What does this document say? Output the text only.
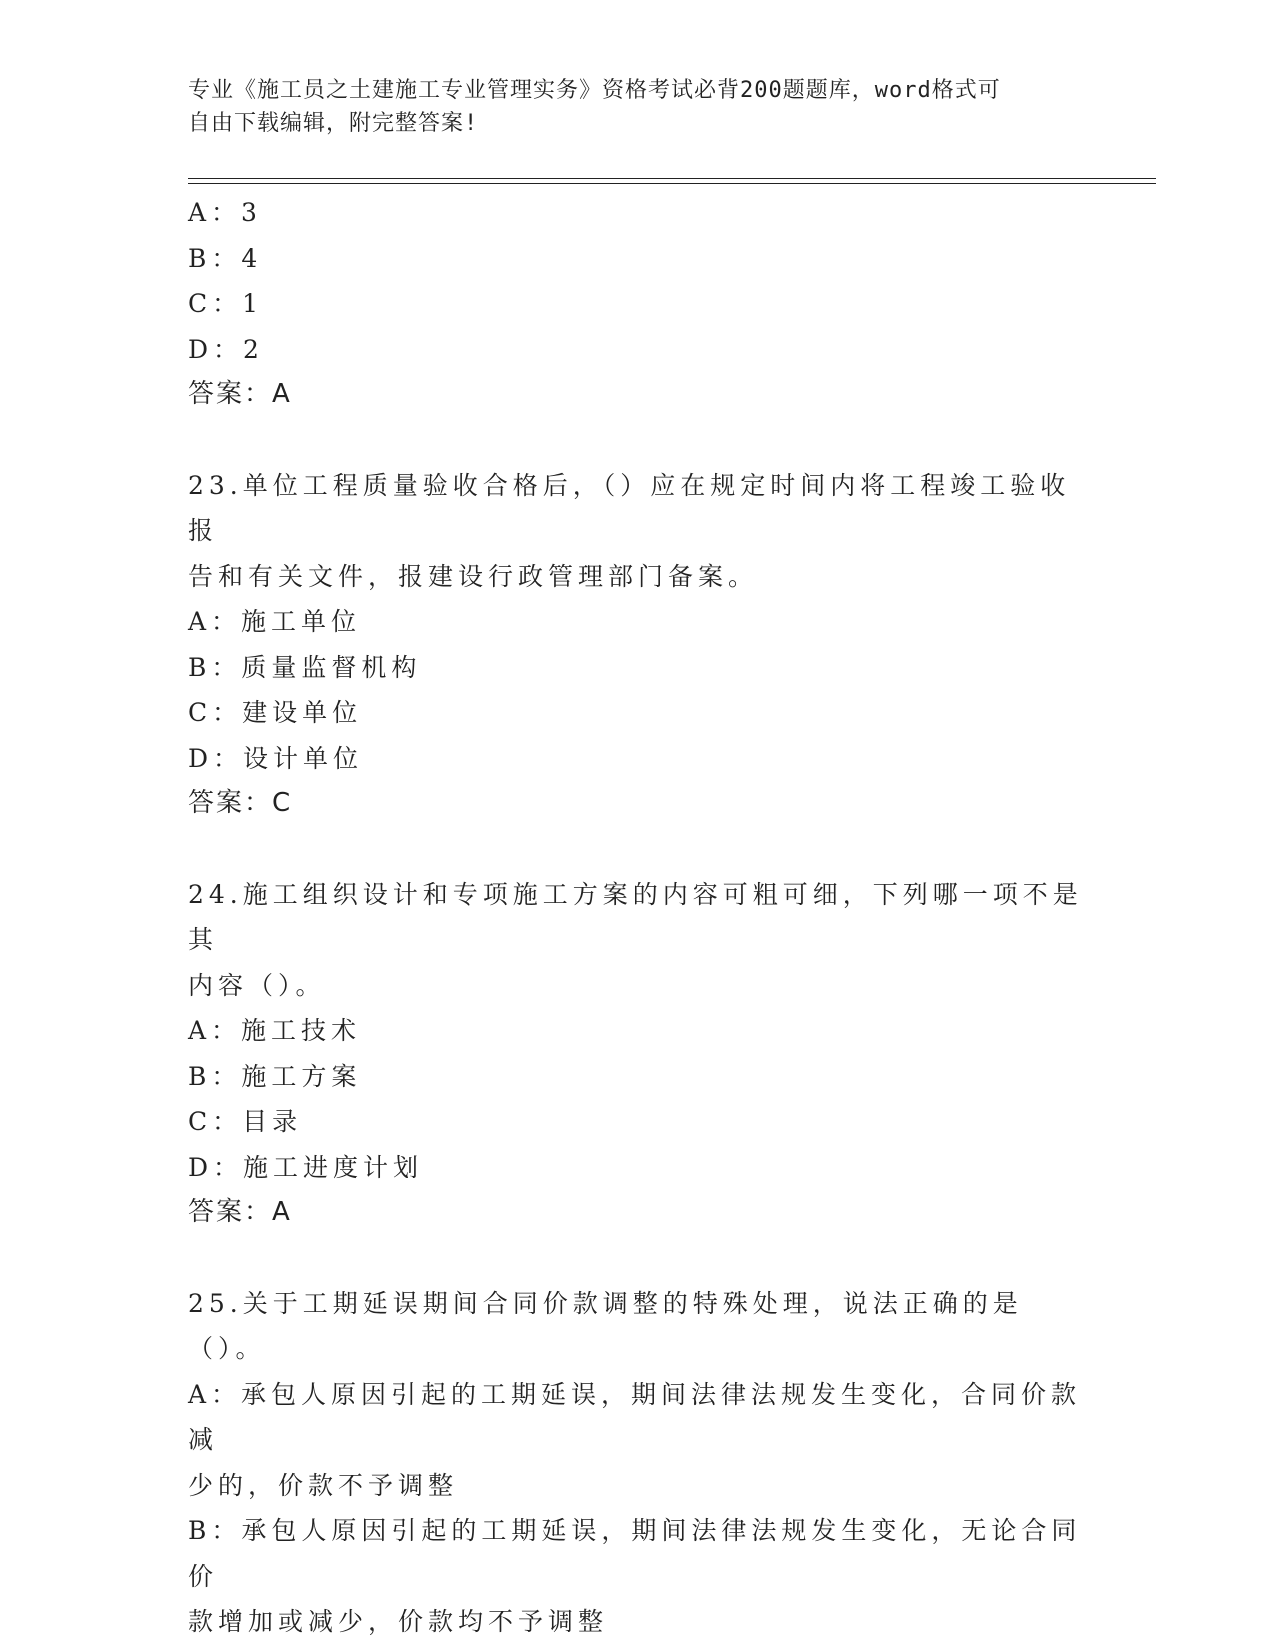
专业《施工员之土建施工专业管理实务》资格考试必背200题题库，word格式可
自由下载编辑，附完整答案!
A：3
B：4
C：1
D：2
答案：A
23.单位工程质量验收合格后，（）应在规定时间内将工程竣工验收报
告和有关文件，报建设行政管理部门备案。
A：施工单位
B：质量监督机构
C：建设单位
D：设计单位
答案：C
24.施工组织设计和专项施工方案的内容可粗可细，下列哪一项不是其
内容（）。
A：施工技术
B：施工方案
C：目录
D：施工进度计划
答案：A
25.关于工期延误期间合同价款调整的特殊处理，说法正确的是（）。
A：承包人原因引起的工期延误，期间法律法规发生变化，合同价款减
少的，价款不予调整
B：承包人原因引起的工期延误，期间法律法规发生变化，无论合同价
款增加或减少，价款均不予调整
